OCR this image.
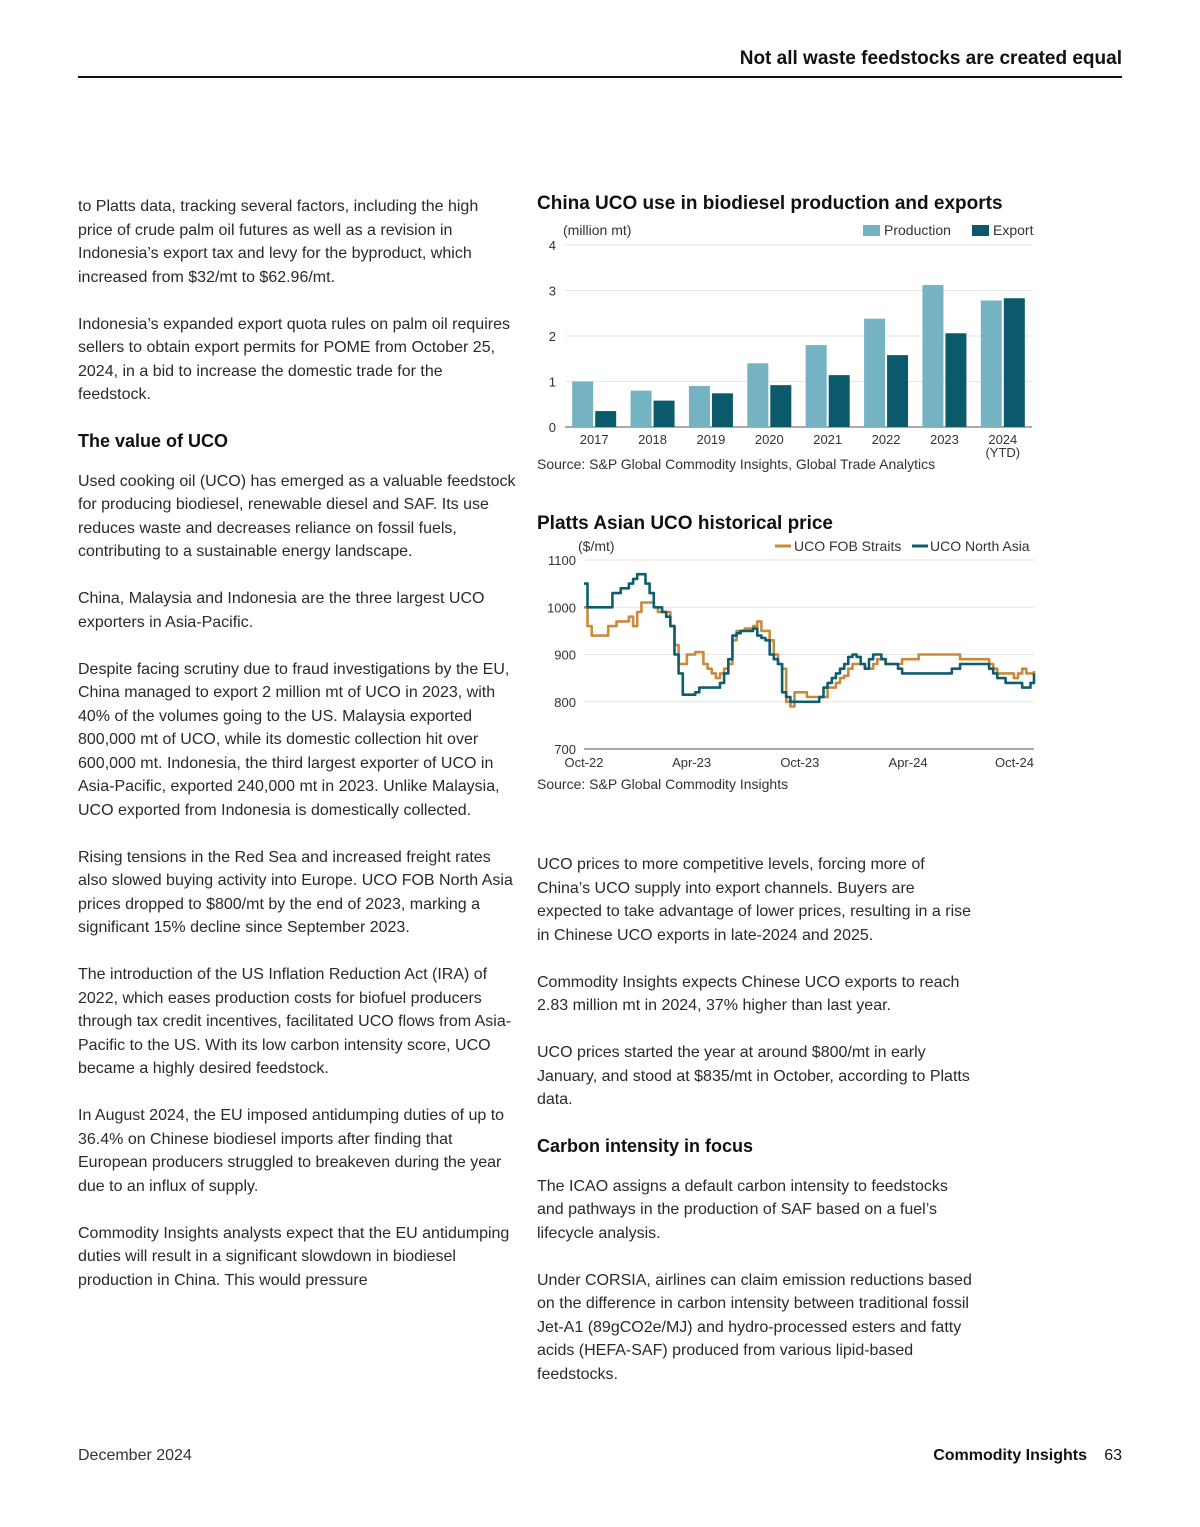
Not all waste feedstocks are created equal

to Platts data, tracking several factors, including the high price of crude palm oil futures as well as a revision in Indonesia’s export tax and levy for the byproduct, which increased from $32/mt to $62.96/mt.

Indonesia’s expanded export quota rules on palm oil requires sellers to obtain export permits for POME from October 25, 2024, in a bid to increase the domestic trade for the feedstock.

The value of UCO

Used cooking oil (UCO) has emerged as a valuable feedstock for producing biodiesel, renewable diesel and SAF. Its use reduces waste and decreases reliance on fossil fuels, contributing to a sustainable energy landscape.

China, Malaysia and Indonesia are the three largest UCO exporters in Asia-Pacific.

Despite facing scrutiny due to fraud investigations by the EU, China managed to export 2 million mt of UCO in 2023, with 40% of the volumes going to the US. Malaysia exported 800,000 mt of UCO, while its domestic collection hit over 600,000 mt. Indonesia, the third largest exporter of UCO in Asia-Pacific, exported 240,000 mt in 2023. Unlike Malaysia, UCO exported from Indonesia is domestically collected.

Rising tensions in the Red Sea and increased freight rates also slowed buying activity into Europe. UCO FOB North Asia prices dropped to $800/mt by the end of 2023, marking a significant 15% decline since September 2023.

The introduction of the US Inflation Reduction Act (IRA) of 2022, which eases production costs for biofuel producers through tax credit incentives, facilitated UCO flows from Asia-Pacific to the US. With its low carbon intensity score, UCO became a highly desired feedstock.

In August 2024, the EU imposed antidumping duties of up to 36.4% on Chinese biodiesel imports after finding that European producers struggled to breakeven during the year due to an influx of supply.

Commodity Insights analysts expect that the EU antidumping duties will result in a significant slowdown in biodiesel production in China. This would pressure

China UCO use in biodiesel production and exports
0
1
2
3
4
(million mt)
2017 2018 2019 2020 2021 2022 2023 2024
(YTD)
Production	Export
Source: S&P Global Commodity Insights, Global Trade Analytics
Platts Asian UCO historical price
700
800
900
1000
1100
($/mt)
Oct-22	Apr-23	Oct-23	Apr-24	Oct-24
UCO FOB Straits UCO North Asia
Source: S&P Global Commodity Insights

UCO prices to more competitive levels, forcing more of China’s UCO supply into export channels. Buyers are expected to take advantage of lower prices, resulting in a rise in Chinese UCO exports in late-2024 and 2025.

Commodity Insights expects Chinese UCO exports to reach 2.83 million mt in 2024, 37% higher than last year.

UCO prices started the year at around $800/mt in early January, and stood at $835/mt in October, according to Platts data.

Carbon intensity in focus

The ICAO assigns a default carbon intensity to feedstocks and pathways in the production of SAF based on a fuel’s lifecycle analysis.

Under CORSIA, airlines can claim emission reductions based on the difference in carbon intensity between traditional fossil Jet-A1 (89gCO2e/MJ) and hydro-processed esters and fatty acids (HEFA-SAF) produced from various lipid-based feedstocks.

December 2024	Commodity Insights 63
